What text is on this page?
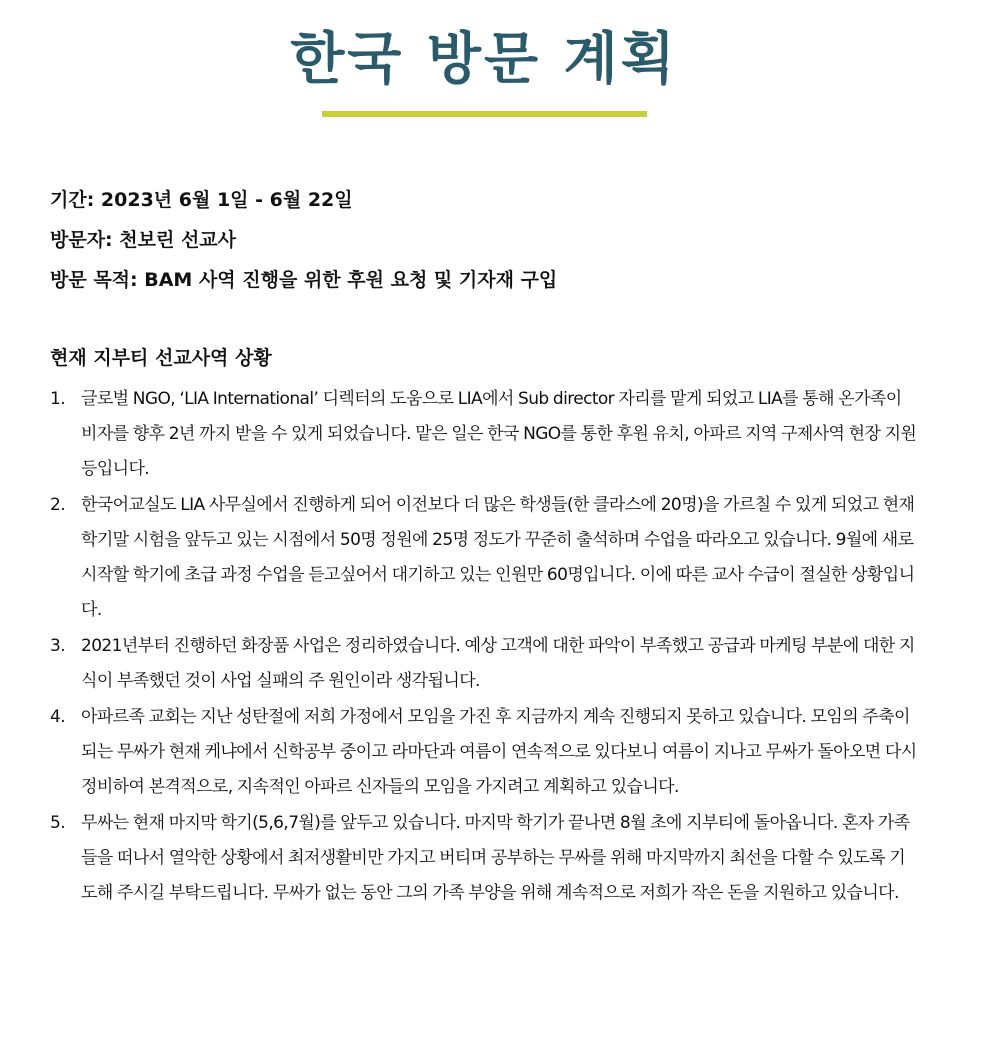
한국 방문 계획
기간: 2023년 6월 1일 - 6월 22일
방문자: 천보린 선교사
방문 목적: BAM 사역 진행을 위한 후원 요청 및 기자재 구입
현재 지부티 선교사역 상황
1. 글로벌 NGO, ‘LIA International’ 디렉터의 도움으로 LIA에서 Sub director 자리를 맡게 되었고 LIA를 통해 온가족이 비자를 향후 2년 까지 받을 수 있게 되었습니다. 맡은 일은 한국 NGO를 통한 후원 유치, 아파르 지역 구제사역 현장 지원 등입니다.
2. 한국어교실도 LIA 사무실에서 진행하게 되어 이전보다 더 많은 학생들(한 클라스에 20명)을 가르칠 수 있게 되었고 현재 학기말 시험을 앞두고 있는 시점에서 50명 정원에 25명 정도가 꾸준히 출석하며 수업을 따라오고 있습니다. 9월에 새로 시작할 학기에 초급 과정 수업을 듣고싶어서 대기하고 있는 인원만 60명입니다. 이에 따른 교사 수급이 절실한 상황입니다.
3. 2021년부터 진행하던 화장품 사업은 정리하였습니다. 예상 고객에 대한 파악이 부족했고 공급과 마케팅 부분에 대한 지식이 부족했던 것이 사업 실패의 주 원인이라 생각됩니다.
4. 아파르족 교회는 지난 성탄절에 저희 가정에서 모임을 가진 후 지금까지 계속 진행되지 못하고 있습니다. 모임의 주축이 되는 무싸가 현재 케냐에서 신학공부 중이고 라마단과 여름이 연속적으로 있다보니 여름이 지나고 무싸가 돌아오면 다시 정비하여 본격적으로, 지속적인 아파르 신자들의 모임을 가지려고 계획하고 있습니다.
5. 무싸는 현재 마지막 학기(5,6,7월)를 앞두고 있습니다. 마지막 학기가 끝나면 8월 초에 지부티에 돌아옵니다. 혼자 가족들을 떠나서 열악한 상황에서 최저생활비만 가지고 버티며 공부하는 무싸를 위해 마지막까지 최선을 다할 수 있도록 기도해 주시길 부탁드립니다. 무싸가 없는 동안 그의 가족 부양을 위해 계속적으로 저희가 작은 돈을 지원하고 있습니다.
